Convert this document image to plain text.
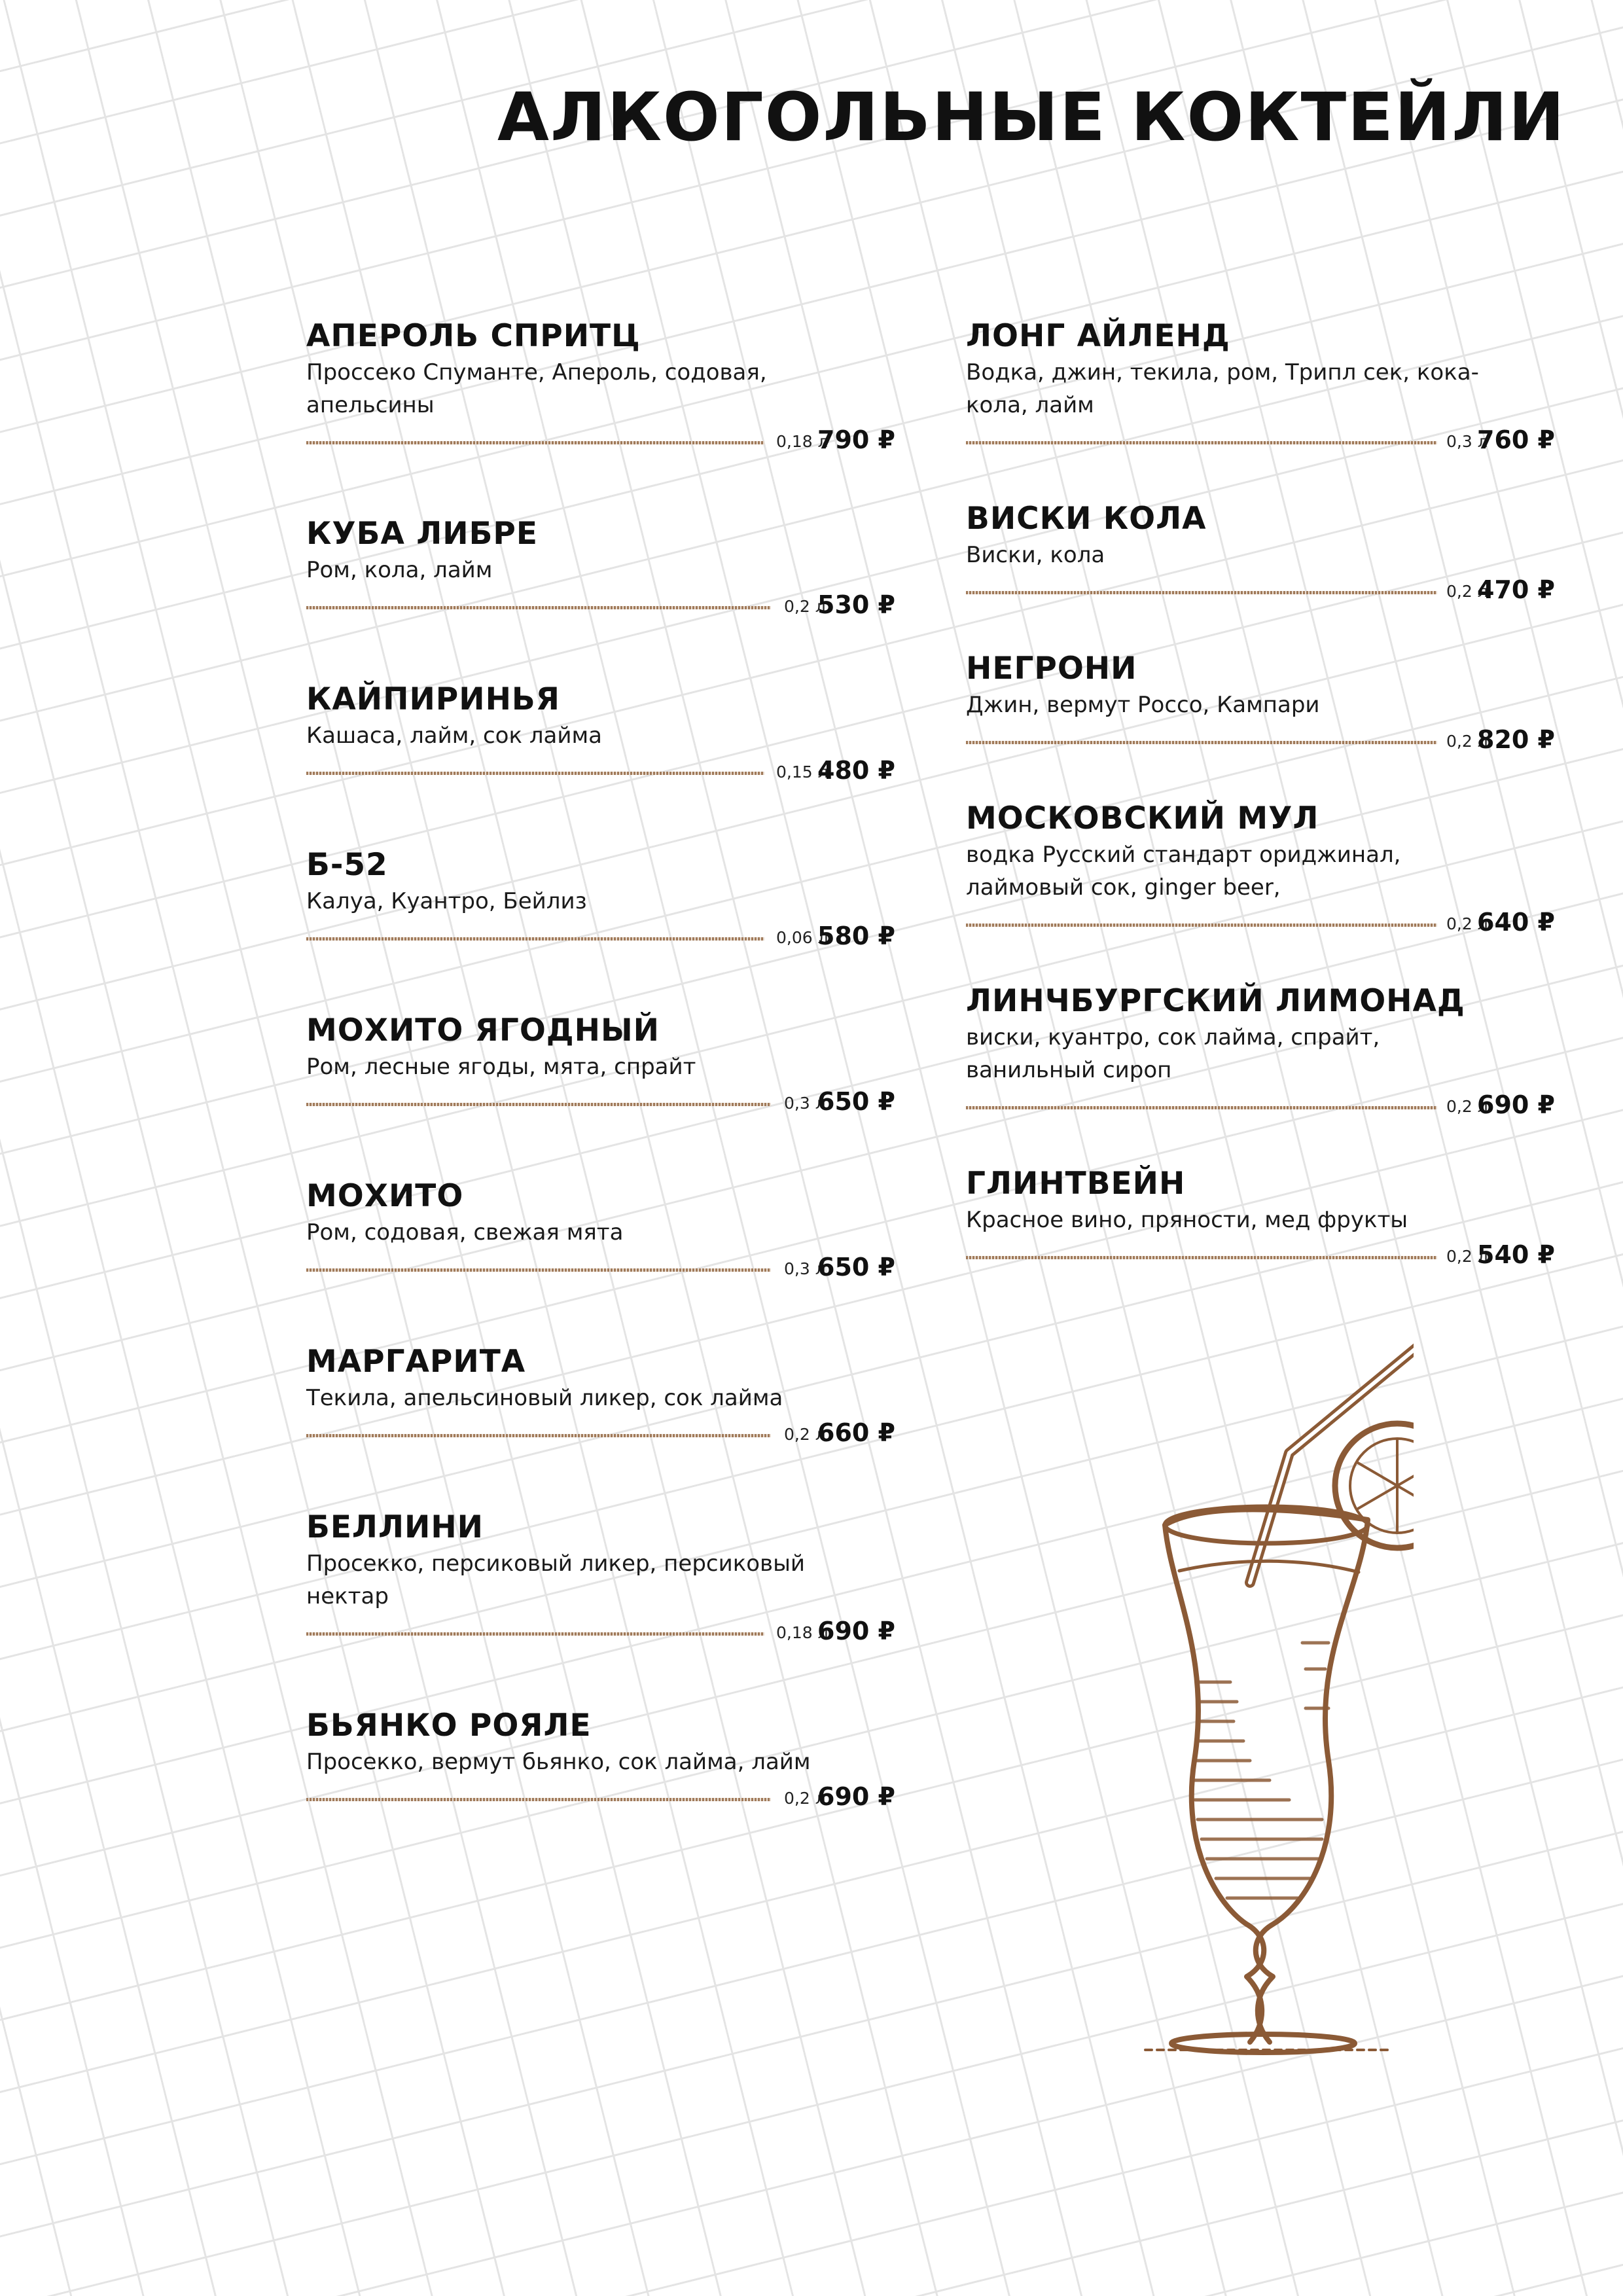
АЛКОГОЛЬНЫЕ КОКТЕЙЛИ
АПЕРОЛЬ СПРИТЦ
Проссеко Спуманте, Апероль, содовая, апельсины
0,18 л
790 ₽
КУБА ЛИБРЕ
Ром, кола, лайм
0,2 л
530 ₽
КАЙПИРИНЬЯ
Кашаса, лайм, сок лайма
0,15 л
480 ₽
Б-52
Калуа, Куантро, Бейлиз
0,06 л
580 ₽
МОХИТО ЯГОДНЫЙ
Ром, лесные ягоды, мята, спрайт
0,3 л
650 ₽
МОХИТО
Ром, содовая, свежая мята
0,3 л
650 ₽
МАРГАРИТА
Текила, апельсиновый ликер, сок лайма
0,2 л
660 ₽
БЕЛЛИНИ
Просекко, персиковый ликер, персиковый нектар
0,18 л
690 ₽
БЬЯНКО РОЯЛЕ
Просекко, вермут бьянко, сок лайма, лайм
0,2 л
690 ₽
ЛОНГ АЙЛЕНД
Водка, джин, текила, ром, Трипл сек, кока-кола, лайм
0,3 л
760 ₽
ВИСКИ КОЛА
Виски, кола
0,2 л
470 ₽
НЕГРОНИ
Джин, вермут Россо, Кампари
0,2 л
820 ₽
МОСКОВСКИЙ МУЛ
водка Русский стандарт ориджинал, лаймовый сок, ginger beer,
0,2 л
640 ₽
ЛИНЧБУРГСКИЙ ЛИМОНАД
виски, куантро, сок лайма, спрайт, ванильный сироп
0,2 л
690 ₽
ГЛИНТВЕЙН
Красное вино, пряности, мед фрукты
0,2 л
540 ₽
